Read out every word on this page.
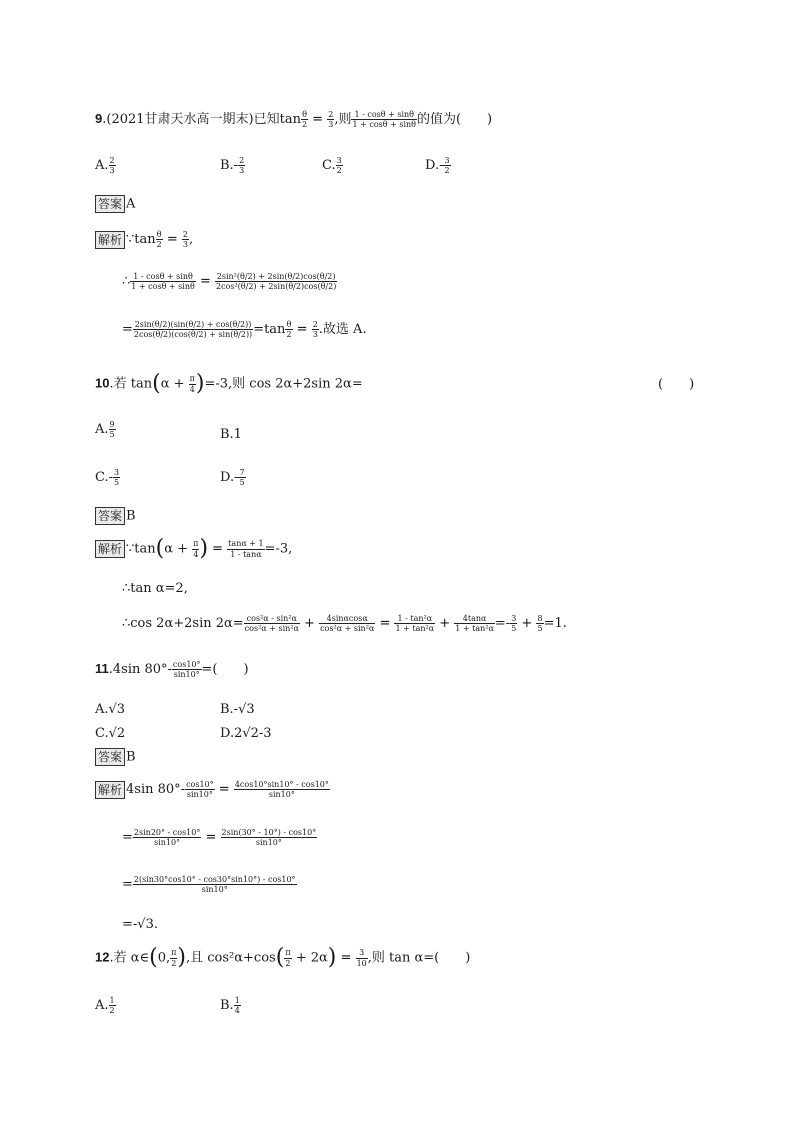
9.(2021甘肃天水高一期末)已知$\tan \frac{\theta}{2} = \frac{2}{3}$ ,则 $\frac{1 - \cos\theta + \sin\theta}{1 + \cos\theta + \sin\theta}$ 的值为(　　)
A. $\frac{2}{3}$	$B.- \frac{2}{3}$	C. $\frac{3}{2}$	$D.- \frac{3}{2}$
答案 A
解析 ∵tan $\frac{\theta}{2} = \frac{2}{3}$ ,
∴ $\frac{1 - \cos\theta + \sin\theta}{1 + \cos\theta + \sin\theta} = \frac{\text{2sin²(θ/2) + 2sin(θ/2)cos(θ/2)}}{\text{2cos²(θ/2) + 2sin(θ/2)cos(θ/2)}}$
= $\frac{2\sin(\theta/2)(\sin(\theta/2) + \cos(\theta/2))}{2\cos(\theta/2)(\cos(\theta/2) + \sin(\theta/2))} =\tan \frac{\theta}{2} = \frac{2}{3}$ .故选 A.
10.若 $\tan(\alpha + \frac{\pi}{4} )=-3$,则 cos 2α+2sin 2α=	(　　)
A. $\frac{9}{5}$	B.1
$C.- \frac{3}{5}$	$D.- \frac{7}{5}$
答案 B
解析 ∵tan(α + $\frac{\pi}{4}$ ) = $\frac{\tan\alpha + 1}{1 - \tan\alpha} =-3$,
∴tan α=2,
∴cos 2α+2sin $2\alpha= \frac{\text{cos²α - sin²α}}{\text{cos²α + sin²α}} + \frac{4\sin\alpha\cos\alpha}{\text{cos²α + sin²α}} = \frac{\text{1 - tan²α}}{\text{1 + tan²α}} + \frac{4\tan\alpha}{\text{1 + tan²α}} =- \frac{3}{5} + \frac{8}{5} =1$.
11.4sin $80^\circ- \frac{\cos 10^\circ}{\sin 10^\circ}$ =(　　)
A.√3	B.-√3
C.√2	D.2√2-3
答案 B
解析 4sin $80^\circ- \frac{\cos 10^\circ}{\sin 10^\circ} = \frac{4\cos 10^\circ\sin 10^\circ - \cos 10^\circ}{\sin 10^\circ}$
= $\frac{2\sin 20^\circ - \cos 10^\circ}{\sin 10^\circ} = \frac{2\sin(30^\circ - 10^\circ) - \cos 10^\circ}{\sin 10^\circ}$
= $\frac{2(\sin 30^\circ\cos 10^\circ - \cos 30^\circ\sin 10^\circ) - \cos 10^\circ}{\sin 10^\circ}$
=-√3.
12.若 α∈(0, $\frac{\pi}{2}$ ),且 $\cos^2\alpha+\cos( \frac{\pi}{2} + 2\alpha) = \frac{3}{10}$ ,则 tan α=(　　)
A. $\frac{1}{2}$	B. $\frac{1}{4}$
